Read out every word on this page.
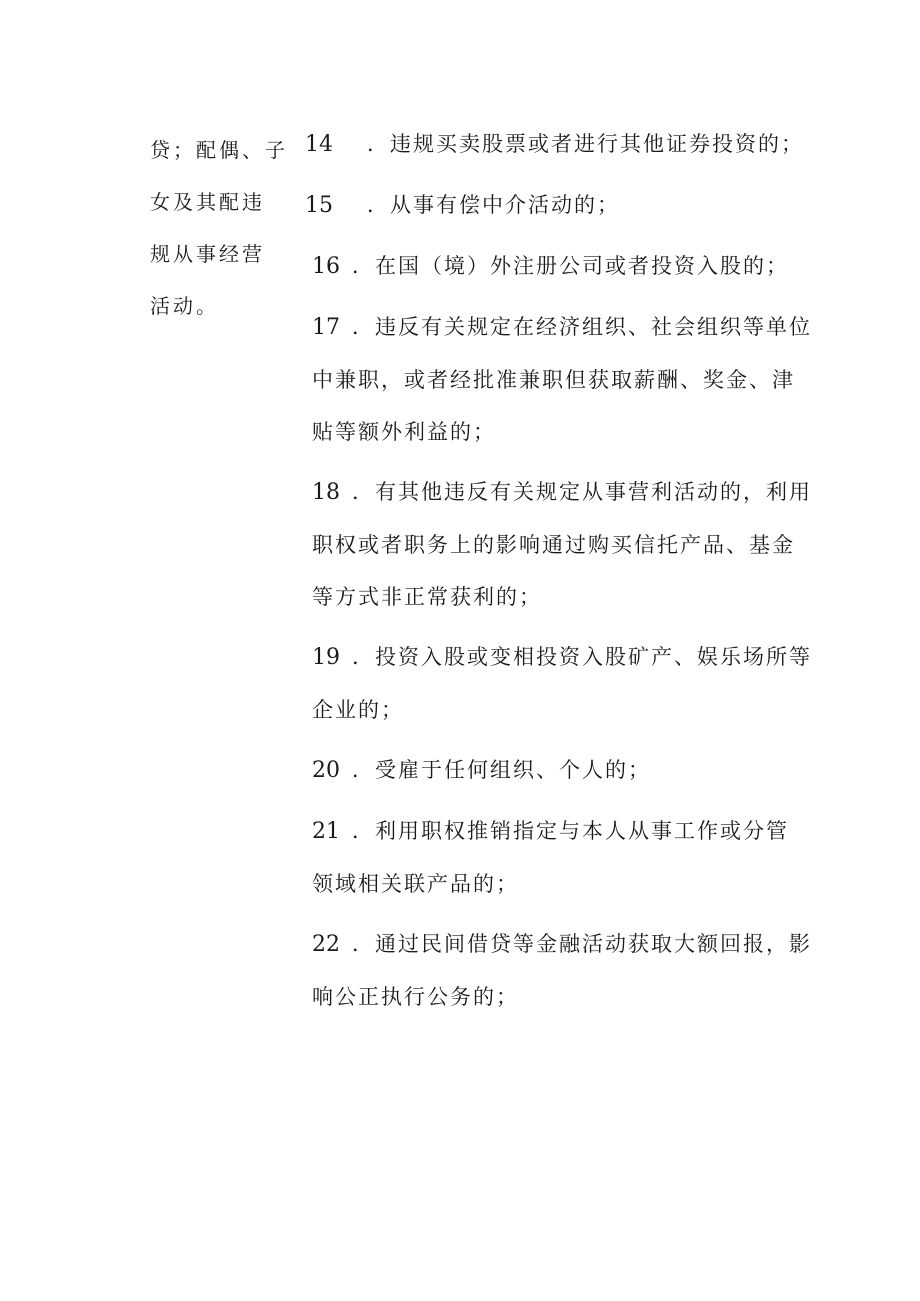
贷；配偶、子
女及其配违
规从事经营
活动。
14 ．违规买卖股票或者进行其他证券投资的；
15 ．从事有偿中介活动的；
16 ．在国（境）外注册公司或者投资入股的；
17 ．违反有关规定在经济组织、社会组织等单位
中兼职，或者经批准兼职但获取薪酬、奖金、津
贴等额外利益的；
18 ．有其他违反有关规定从事营利活动的，利用
职权或者职务上的影响通过购买信托产品、基金
等方式非正常获利的；
19 ．投资入股或变相投资入股矿产、娱乐场所等
企业的；
20 ．受雇于任何组织、个人的；
21 ．利用职权推销指定与本人从事工作或分管
领域相关联产品的；
22 ．通过民间借贷等金融活动获取大额回报，影
响公正执行公务的；
